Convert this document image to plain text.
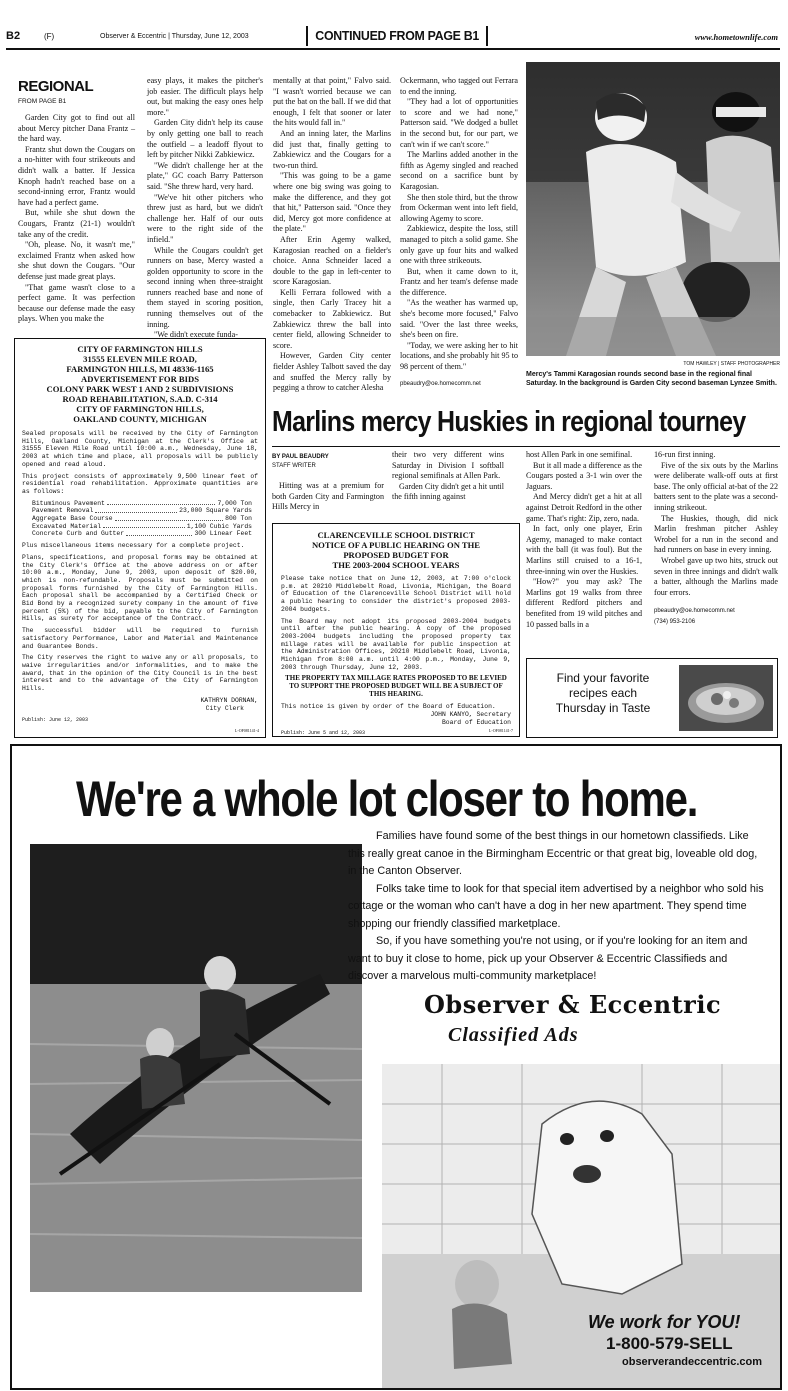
B2	(F)	Observer & Eccentric | Thursday, June 12, 2003	CONTINUED FROM PAGE B1	www.hometownlife.com
REGIONAL
FROM PAGE B1

Garden City got to find out all about Mercy pitcher Dana Frantz – the hard way.

Frantz shut down the Cougars on a no-hitter with four strikeouts and didn't walk a batter. If Jessica Knoph hadn't reached base on a second-inning error, Frantz would have had a perfect game.

But, while she shut down the Cougars, Frantz (21-1) wouldn't take any of the credit.

"Oh, please. No, it wasn't me," exclaimed Frantz when asked how she shut down the Cougars. "Our defense just made great plays.

"That game wasn't close to a perfect game. It was perfection because our defense made the easy plays. When you make the

easy plays, it makes the pitcher's job easier. The difficult plays help out, but making the easy ones help more."

Garden City didn't help its cause by only getting one ball to reach the outfield – a leadoff flyout to left by pitcher Nikki Zabkiewicz.

"We didn't challenge her at the plate," GC coach Barry Patterson said. "She threw hard, very hard.

"We've hit other pitchers who threw just as hard, but we didn't challenge her. Half of our outs were to the right side of the infield."

While the Cougars couldn't get runners on base, Mercy wasted a golden opportunity to score in the second inning when three-straight runners reached base and none of them stayed in scoring position, running themselves out of the inning.

"We didn't execute funda-

mentally at that point," Falvo said. "I wasn't worried because we can put the bat on the ball. If we did that enough, I felt that sooner or later the hits would fall in."

And an inning later, the Marlins did just that, finally getting to Zabkiewicz and the Cougars for a two-run third.

"This was going to be a game where one big swing was going to make the difference, and they got that hit," Patterson said. "Once they did, Mercy got more confidence at the plate."

After Erin Agemy walked, Karagosian reached on a fielder's choice. Anna Schneider laced a double to the gap in left-center to score Karagosian.

Kelli Ferrara followed with a single, then Carly Tracey hit a comebacker to Zabkiewicz. But Zabkiewicz threw the ball into center field, allowing Schneider to score.

However, Garden City center fielder Ashley Talbott saved the day and snuffed the Mercy rally by pegging a throw to catcher Alesha

Ockermann, who tagged out Ferrara to end the inning.

"They had a lot of opportunities to score and we had none," Patterson said. "We dodged a bullet in the second but, for our part, we can't win if we can't score."

The Marlins added another in the fifth as Agemy singled and reached second on a sacrifice bunt by Karagosian.

She then stole third, but the throw from Ockerman went into left field, allowing Agemy to score.

Zabkiewicz, despite the loss, still managed to pitch a solid game. She only gave up four hits and walked one with three strikeouts.

But, when it came down to it, Frantz and her team's defense made the difference.

"As the weather has warmed up, she's become more focused," Falvo said. "Over the last three weeks, she's been on fire.

"Today, we were asking her to hit locations, and she probably hit 95 to 98 percent of them."

pbeaudry@oe.homecomm.net

TOM HAWLEY | STAFF PHOTOGRAPHER
Mercy's Tammi Karagosian rounds second base in the regional final Saturday. In the background is Garden City second baseman Lynzee Smith.
CITY OF FARMINGTON HILLS
31555 ELEVEN MILE ROAD,
FARMINGTON HILLS, MI 48336-1165
ADVERTISEMENT FOR BIDS
COLONY PARK WEST 1 AND 2 SUBDIVISIONS
ROAD REHABILITATION, S.A.D. C-314
CITY OF FARMINGTON HILLS,
OAKLAND COUNTY, MICHIGAN

Sealed proposals will be received by the City of Farmington Hills, Oakland County, Michigan at the Clerk's Office at 31555 Eleven Mile Road until 10:00 a.m., Wednesday, June 18, 2003 at which time and place, all proposals will be publicly opened and read aloud.

This project consists of approximately 9,500 linear feet of residential road rehabilitation. Approximate quantities are as follows:

Bituminous Pavement	7,000 Ton
Pavement Removal	23,000 Square Yards
Aggregate Base Course	800 Ton
Excavated Material	1,100 Cubic Yards
Concrete Curb and Gutter	300 Linear Feet

Plus miscellaneous items necessary for a complete project.

Plans, specifications, and proposal forms may be obtained at the City Clerk's Office at the above address on or after 10:00 a.m., Monday, June 9, 2003, upon deposit of $20.00, which is non-refundable. Proposals must be submitted on proposal forms furnished by the City of Farmington Hills. Each proposal shall be accompanied by a Certified Check or Bid Bond by a recognized surety company in the amount of five percent (5%) of the bid, payable to the City of Farmington Hills, as surety for acceptance of the Contract.

The successful bidder will be required to furnish satisfactory Performance, Labor and Material and Maintenance and Guarantee Bonds.

The City reserves the right to waive any or all proposals, to waive irregularities and/or informalities, and to make the award, that in the opinion of the City Council is in the best interest and to the advantage of the City of Farmington Hills.

KATHRYN DORNAN,
City Clerk
Publish: June 12, 2003
L-OF081141-4
Marlins mercy Huskies in regional tourney
BY PAUL BEAUDRY
STAFF WRITER

Hitting was at a premium for both Garden City and Farmington Hills Mercy in

their two very different wins Saturday in Division I softball regional semifinals at Allen Park.

Garden City didn't get a hit until the fifth inning against

host Allen Park in one semifinal.

But it all made a difference as the Cougars posted a 3-1 win over the Jaguars.

And Mercy didn't get a hit at all against Detroit Redford in the other game. That's right: Zip, zero, nada.

In fact, only one player, Erin Agemy, managed to make contact with the ball (it was foul). But the Marlins still cruised to a 16-1, three-inning win over the Huskies.

"How?" you may ask? The Marlins got 19 walks from three different Redford pitchers and benefited from 19 wild pitches and 10 passed balls in a

16-run first inning.

Five of the six outs by the Marlins were deliberate walk-off outs at first base. The only official at-bat of the 22 batters sent to the plate was a second-inning strikeout.

The Huskies, though, did nick Marlin freshman pitcher Ashley Wrobel for a run in the second and had runners on base in every inning.

Wrobel gave up two hits, struck out seven in three innings and didn't walk a batter, although the Marlins made four errors.

pbeaudry@oe.homecomm.net

(734) 953-2106

CLARENCEVILLE SCHOOL DISTRICT
NOTICE OF A PUBLIC HEARING ON THE
PROPOSED BUDGET FOR
THE 2003-2004 SCHOOL YEARS

Please take notice that on June 12, 2003, at 7:00 o'clock p.m. at 20210 Middlebelt Road, Livonia, Michigan, the Board of Education of the Clarenceville School District will hold a public hearing to consider the district's proposed 2003-2004 budgets.

The Board may not adopt its proposed 2003-2004 budgets until after the public hearing. A copy of the proposed 2003-2004 budgets including the proposed property tax millage rates will be available for public inspection at the Administration Offices, 20210 Middlebelt Road, Livonia, Michigan from 8:00 a.m. until 4:00 p.m., Monday, June 9, 2003 through Thursday, June 12, 2003.

THE PROPERTY TAX MILLAGE RATES PROPOSED TO BE LEVIED TO SUPPORT THE PROPOSED BUDGET WILL BE A SUBJECT OF THIS HEARING.

This notice is given by order of the Board of Education.

JOHN KANYO, Secretary
Board of Education
Publish: June 5 and 12, 2003	L-OF081141-7
Find your favorite
recipes each
Thursday in Taste
We're a whole lot closer to home.

Families have found some of the best things in our hometown classifieds. Like this really great canoe in the Birmingham Eccentric or that great big, loveable old dog, in the Canton Observer.

Folks take time to look for that special item advertised by a neighbor who sold his cottage or the woman who can't have a dog in her new apartment. They spend time shopping our friendly classified marketplace.

So, if you have something you're not using, or if you're looking for an item and want to buy it close to home, pick up your Observer & Eccentric Classifieds and discover a marvelous multi-community marketplace!

Observer & Eccentric
Classified Ads
We work for YOU!
1-800-579-SELL
observerandeccentric.com
